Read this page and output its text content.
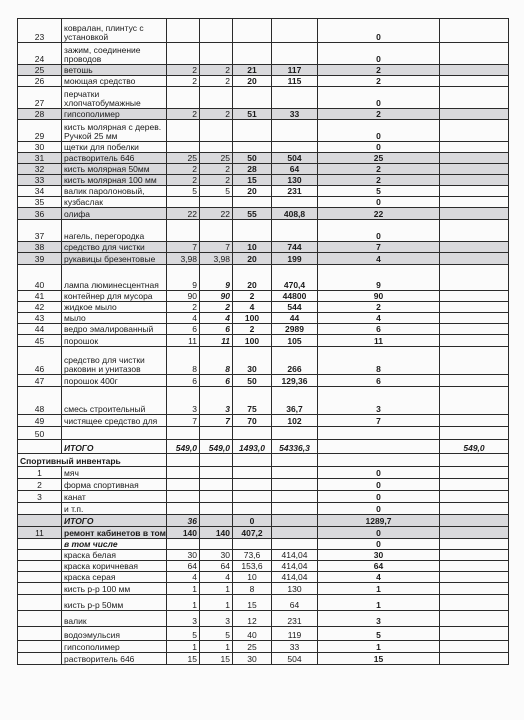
23	ковралан, плинтус с установкой					0	
24	зажим, соединение проводов					0	
25	ветошь	2	2	21	117	2	
26	моющая средство	2	2	20	115	2	
27	перчатки хлопчатобумажные					0	
28	гипсополимер	2	2	51	33	2	
29	кисть молярная с дерев. Ручкой 25 мм					0	
30	щетки для побелки					0	
31	растворитель 646	25	25	50	504	25	
32	кисть молярная 50мм	2	2	28	64	2	
33	кисть молярная 100 мм	2	2	15	130	2	
34	валик паролоновый,	5	5	20	231	5	
35	кузбаслак					0	
36	олифа	22	22	55	408,8	22	
37	нагель, перегородка					0	
38	средство для чистки	7	7	10	744	7	
39	рукавицы брезентовые	3,98	3,98	20	199	4	
40	лампа люминесцентная	9	9	20	470,4	9	
41	контейнер для мусора	90	90	2	44800	90	
42	жидкое мыло	2	2	4	544	2	
43	мыло	4	4	100	44	4	
44	ведро эмалированный	6	6	2	2989	6	
45	порошок	11	11	100	105	11	
46	средство для чистки раковин и унитазов	8	8	30	266	8	
47	порошок 400г	6	6	50	129,36	6	
48	смесь строительный	3	3	75	36,7	3	
49	чистящее средство для	7	7	70	102	7	
50							
	ИТОГО	549,0	549,0	1493,0	54336,3		549,0
Спортивный инвентарь							
1	мяч					0	
2	форма спортивная					0	
3	канат					0	
	и т.п.					0	
	ИТОГО	36		0		1289,7	
11	ремонт кабинетов в том	140	140	407,2		0	
	в том числе					0	
	краска белая	30	30	73,6	414,04	30	
	краска коричневая	64	64	153,6	414,04	64	
	краска серая	4	4	10	414,04	4	
	кисть р-р 100 мм	1	1	8	130	1	
	кисть р-р 50мм	1	1	15	64	1	
	валик	3	3	12	231	3	
	водоэмульсия	5	5	40	119	5	
	гипсополимер	1	1	25	33	1	
	растворитель 646	15	15	30	504	15	
